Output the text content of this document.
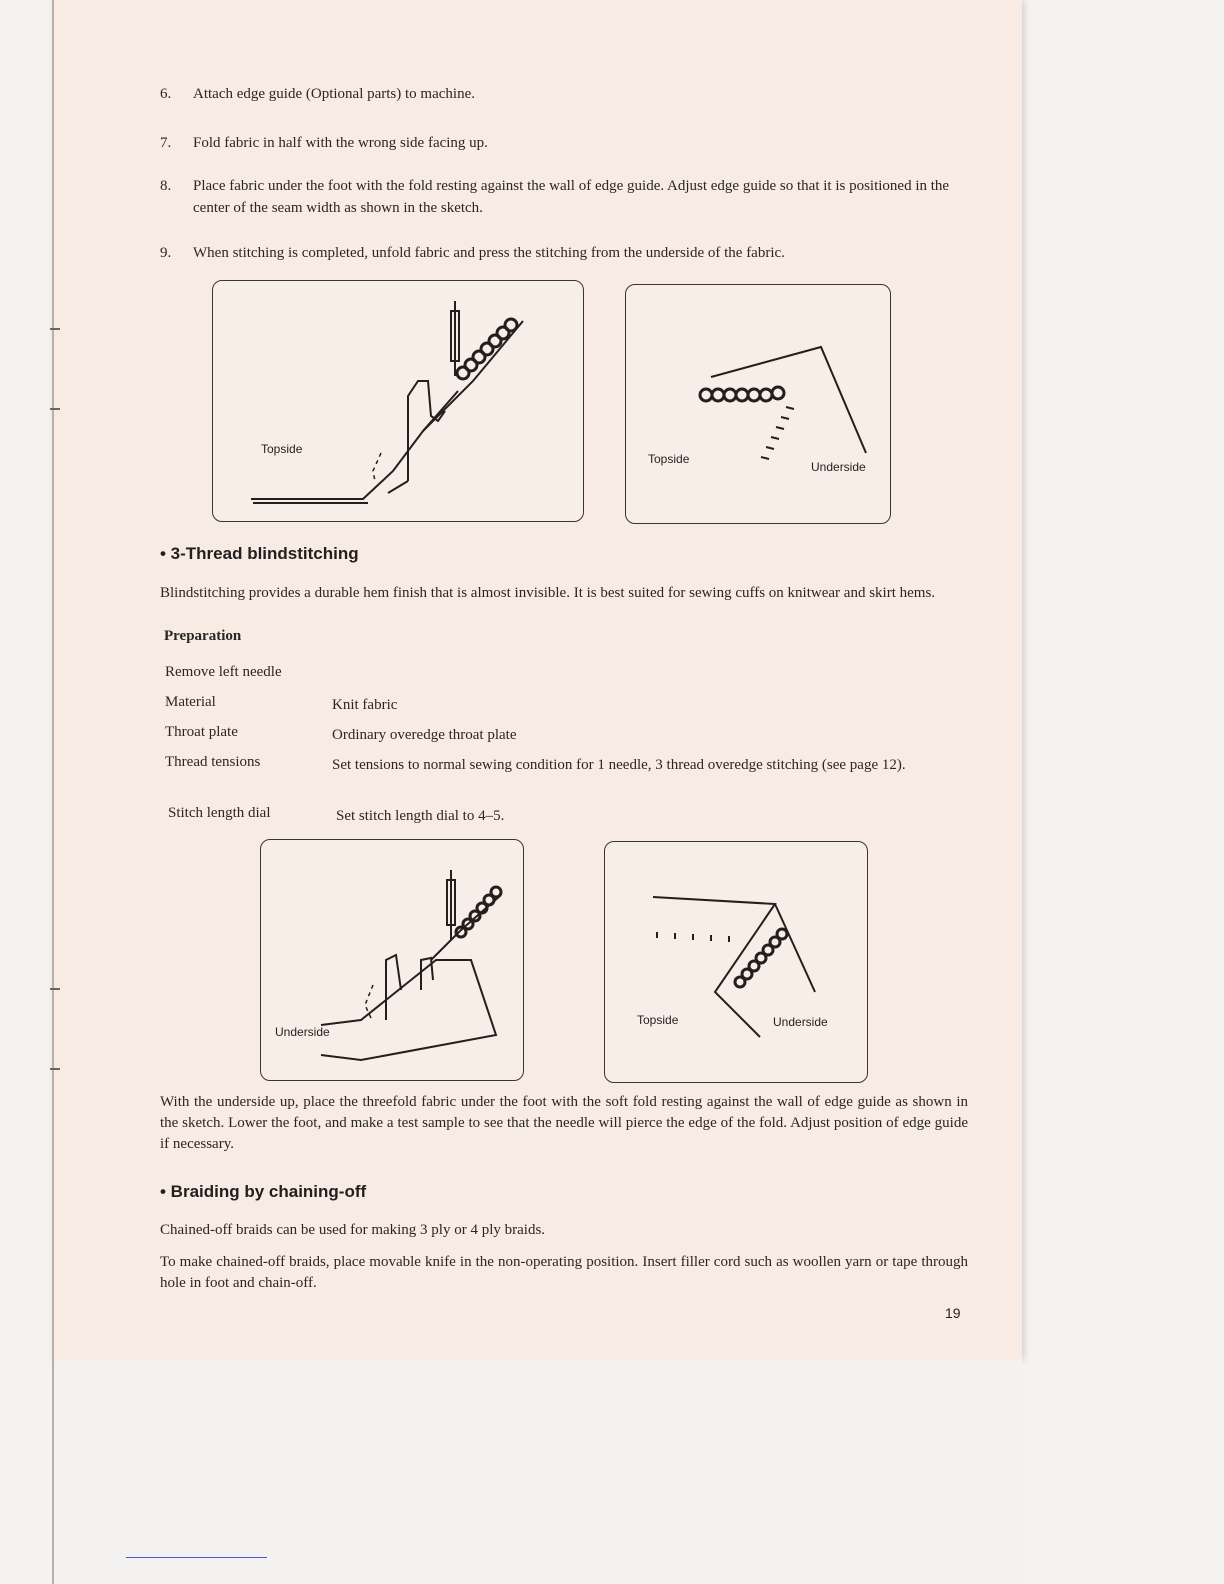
6. Attach edge guide (Optional parts) to machine.
7. Fold fabric in half with the wrong side facing up.
8. Place fabric under the foot with the fold resting against the wall of edge guide. Adjust edge guide so that it is positioned in the center of the seam width as shown in the sketch.
9. When stitching is completed, unfold fabric and press the stitching from the underside of the fabric.
Topside
Topside
Underside
• 3-Thread blindstitching
Blindstitching provides a durable hem finish that is almost invisible. It is best suited for sewing cuffs on knitwear and skirt hems.
Preparation
Remove left needle
Material	Knit fabric
Throat plate	Ordinary overedge throat plate
Thread tensions	Set tensions to normal sewing condition for 1 needle, 3 thread overedge stitching (see page 12).
Stitch length dial	Set stitch length dial to 4–5.
Underside
Topside	Underside
With the underside up, place the threefold fabric under the foot with the soft fold resting against the wall of edge guide as shown in the sketch. Lower the foot, and make a test sample to see that the needle will pierce the edge of the fold. Adjust position of edge guide if necessary.
• Braiding by chaining-off
Chained-off braids can be used for making 3 ply or 4 ply braids.
To make chained-off braids, place movable knife in the non-operating position. Insert filler cord such as woollen yarn or tape through hole in foot and chain-off.
19
